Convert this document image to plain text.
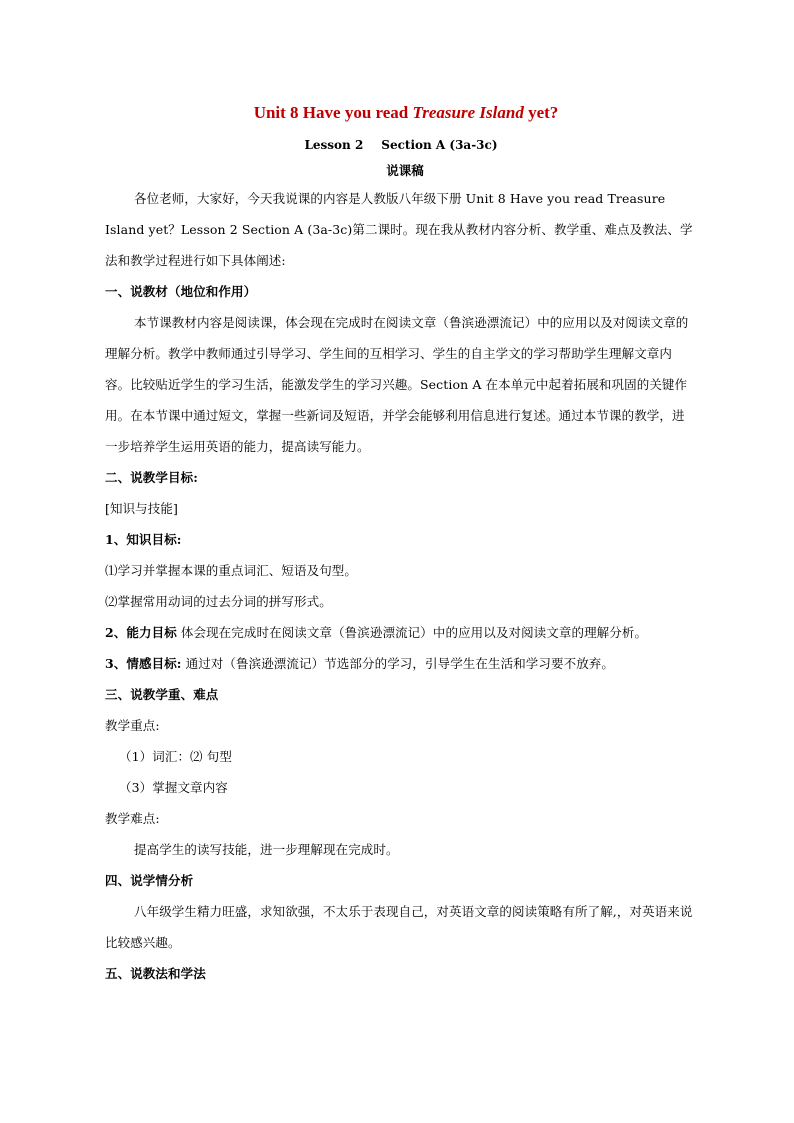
Unit 8 Have you read Treasure Island yet?
Lesson 2 Section A (3a-3c)
说课稿

各位老师，大家好，今天我说课的内容是人教版八年级下册 Unit 8 Have you read Treasure Island yet？Lesson 2 Section A (3a-3c)第二课时。现在我从教材内容分析、教学重、难点及教法、学法和教学过程进行如下具体阐述:

一、说教材（地位和作用）

本节课教材内容是阅读课，体会现在完成时在阅读文章（鲁滨逊漂流记）中的应用以及对阅读文章的理解分析。教学中教师通过引导学习、学生间的互相学习、学生的自主学文的学习帮助学生理解文章内容。比较贴近学生的学习生活，能激发学生的学习兴趣。Section A 在本单元中起着拓展和巩固的关键作用。在本节课中通过短文，掌握一些新词及短语，并学会能够利用信息进行复述。通过本节课的教学，进一步培养学生运用英语的能力，提高读写能力。

二、说教学目标:

[知识与技能]

1、知识目标:

⑴学习并掌握本课的重点词汇、短语及句型。

⑵掌握常用动词的过去分词的拼写形式。

2、能力目标 体会现在完成时在阅读文章（鲁滨逊漂流记）中的应用以及对阅读文章的理解分析。

3、情感目标: 通过对（鲁滨逊漂流记）节选部分的学习，引导学生在生活和学习要不放弃。

三、说教学重、难点

教学重点:

（1）词汇：⑵ 句型

（3）掌握文章内容

教学难点:

提高学生的读写技能，进一步理解现在完成时。

四、说学情分析

八年级学生精力旺盛，求知欲强，不太乐于表现自己，对英语文章的阅读策略有所了解,，对英语来说比较感兴趣。

五、说教法和学法
